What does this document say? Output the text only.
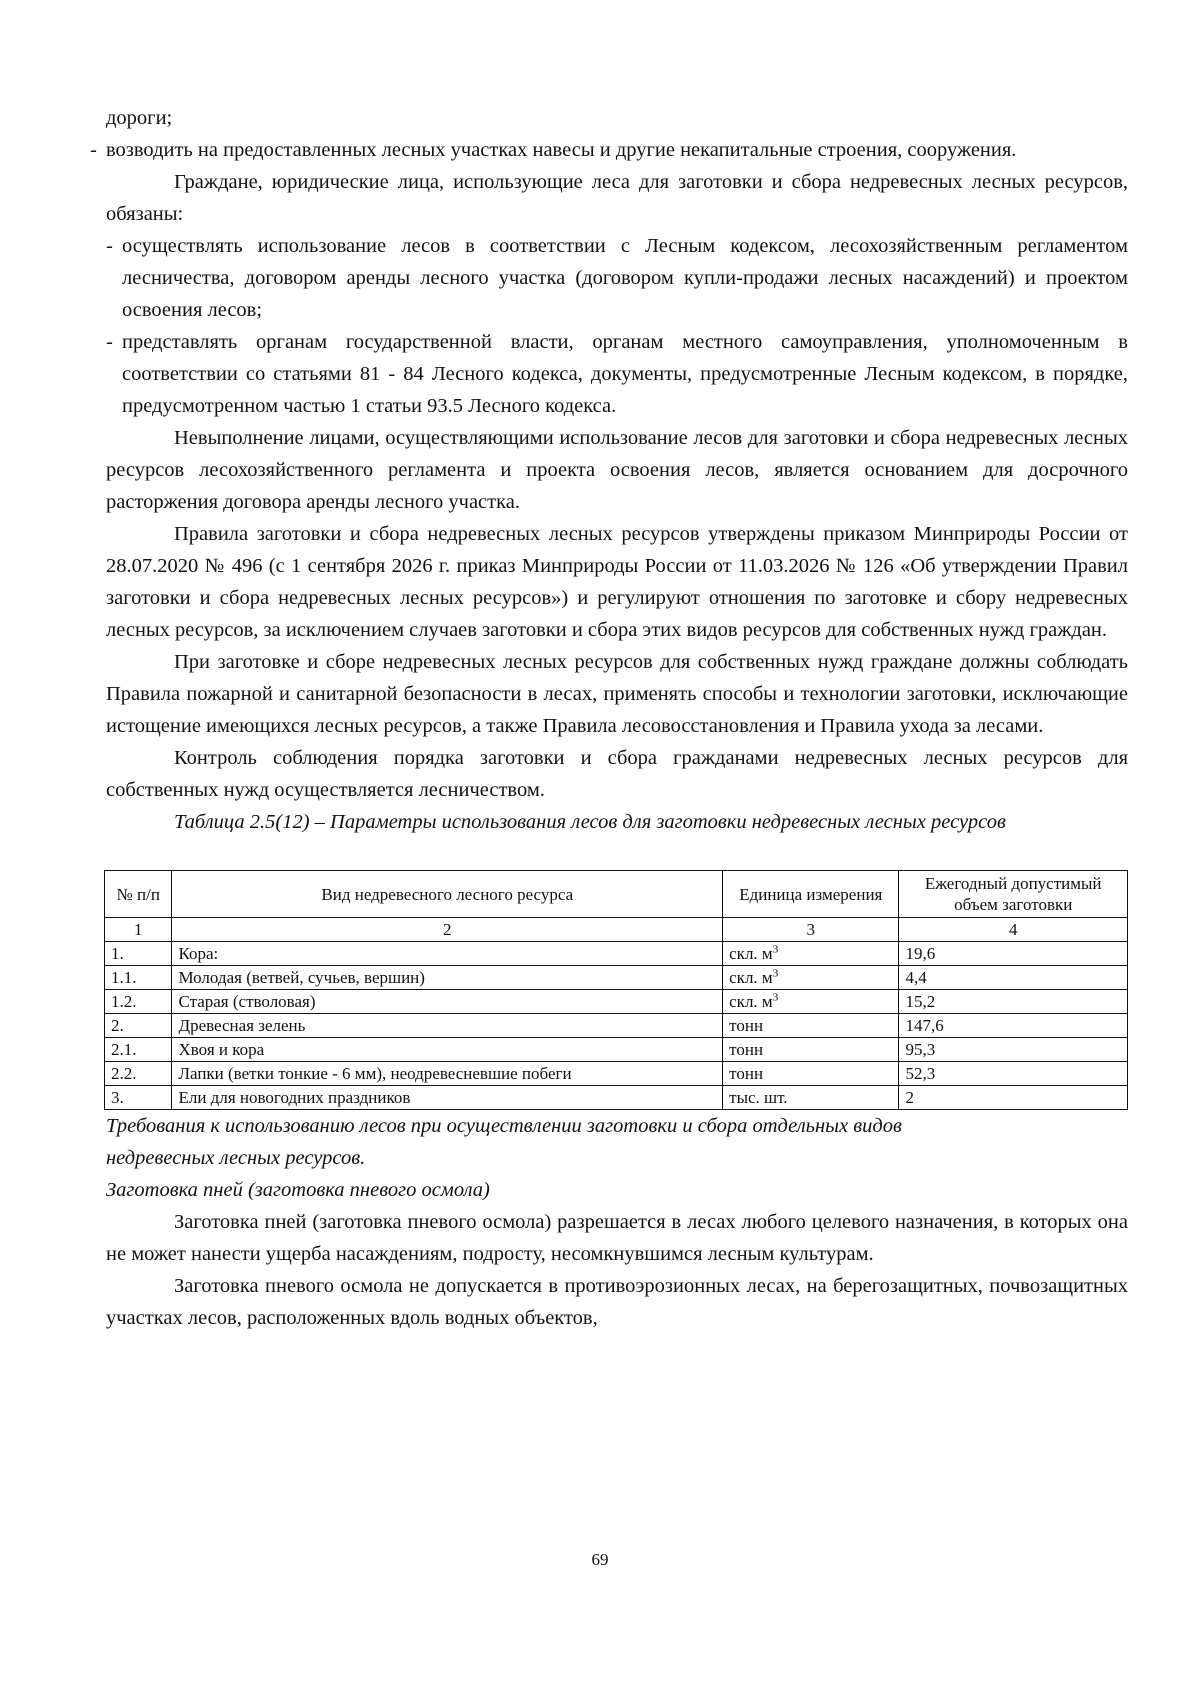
дороги;

- возводить на предоставленных лесных участках навесы и другие некапитальные строения, сооружения.

Граждане, юридические лица, использующие леса для заготовки и сбора недревесных лесных ресурсов, обязаны:

- осуществлять использование лесов в соответствии с Лесным кодексом, лесохозяйственным регламентом лесничества, договором аренды лесного участка (договором купли-продажи лесных насаждений) и проектом освоения лесов;
- представлять органам государственной власти, органам местного самоуправления, уполномоченным в соответствии со статьями 81 - 84 Лесного кодекса, документы, предусмотренные Лесным кодексом, в порядке, предусмотренном частью 1 статьи 93.5 Лесного кодекса.

Невыполнение лицами, осуществляющими использование лесов для заготовки и сбора недревесных лесных ресурсов лесохозяйственного регламента и проекта освоения лесов, является основанием для досрочного расторжения договора аренды лесного участка.

Правила заготовки и сбора недревесных лесных ресурсов утверждены приказом Минприроды России от 28.07.2020 № 496 (с 1 сентября 2026 г. приказ Минприроды России от 11.03.2026 № 126 «Об утверждении Правил заготовки и сбора недревесных лесных ресурсов») и регулируют отношения по заготовке и сбору недревесных лесных ресурсов, за исключением случаев заготовки и сбора этих видов ресурсов для собственных нужд граждан.

При заготовке и сборе недревесных лесных ресурсов для собственных нужд граждане должны соблюдать Правила пожарной и санитарной безопасности в лесах, применять способы и технологии заготовки, исключающие истощение имеющихся лесных ресурсов, а также Правила лесовосстановления и Правила ухода за лесами.

Контроль соблюдения порядка заготовки и сбора гражданами недревесных лесных ресурсов для собственных нужд осуществляется лесничеством.

Таблица 2.5(12) – Параметры использования лесов для заготовки недревесных лесных ресурсов

№ п/п	Вид недревесного лесного ресурса	Единица измерения	Ежегодный допустимый объем заготовки
1	2	3	4
1.	Кора:	скл. $м^3$	19,6
1.1.	Молодая (ветвей, сучьев, вершин)	скл. $м^3$	4,4
1.2.	Старая (стволовая)	скл. $м^3$	15,2
2.	Древесная зелень	тонн	147,6
2.1.	Хвоя и кора	тонн	95,3
2.2.	Лапки (ветки тонкие - 6 мм), неодревесневшие побеги	тонн	52,3
3.	Ели для новогодних праздников	тыс. шт.	2

Требования к использованию лесов при осуществлении заготовки и сбора отдельных видов
недревесных лесных ресурсов.
Заготовка пней (заготовка пневого осмола)

Заготовка пней (заготовка пневого осмола) разрешается в лесах любого целевого назначения, в которых она не может нанести ущерба насаждениям, подросту, несомкнувшимся лесным культурам.

Заготовка пневого осмола не допускается в противоэрозионных лесах, на берегозащитных, почвозащитных участках лесов, расположенных вдоль водных объектов,

69
